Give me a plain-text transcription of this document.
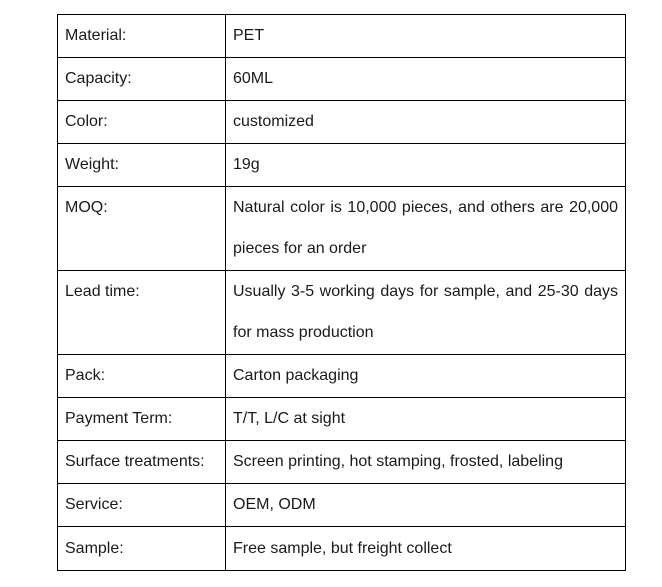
Material:	PET
Capacity:	60ML
Color:	customized
Weight:	19g
MOQ:	Natural color is 10,000 pieces, and others are 20,000 pieces for an order
Lead time:	Usually 3-5 working days for sample, and 25-30 days for mass production
Pack:	Carton packaging
Payment Term:	T/T, L/C at sight
Surface treatments:	Screen printing, hot stamping, frosted, labeling
Service:	OEM, ODM
Sample:	Free sample, but freight collect
